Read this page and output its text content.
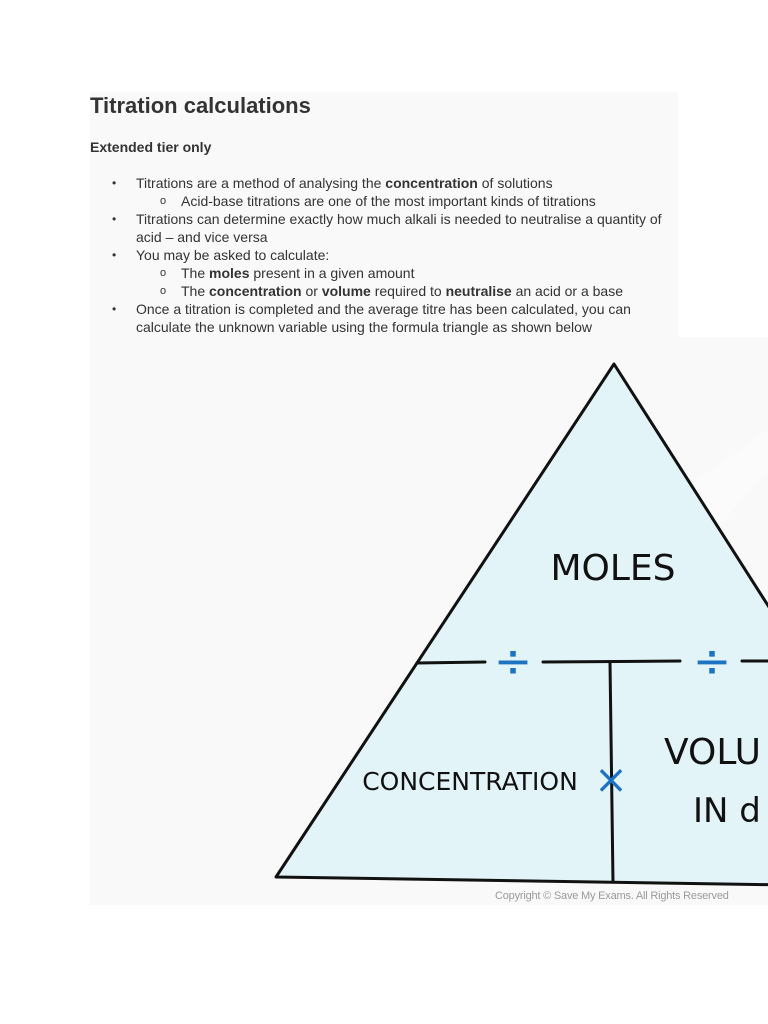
Titration calculations

Extended tier only

• Titrations are a method of analysing the concentration of solutions
o Acid-base titrations are one of the most important kinds of titrations
• Titrations can determine exactly how much alkali is needed to neutralise a quantity of acid – and vice versa
• You may be asked to calculate:
o The moles present in a given amount
o The concentration or volume required to neutralise an acid or a base
• Once a titration is completed and the average titre has been calculated, you can calculate the unknown variable using the formula triangle as shown below
÷	÷
×
MOLES
CONCENTRATION
VOLU
IN d

Copyright © Save My Exams. All Rights Reserved
